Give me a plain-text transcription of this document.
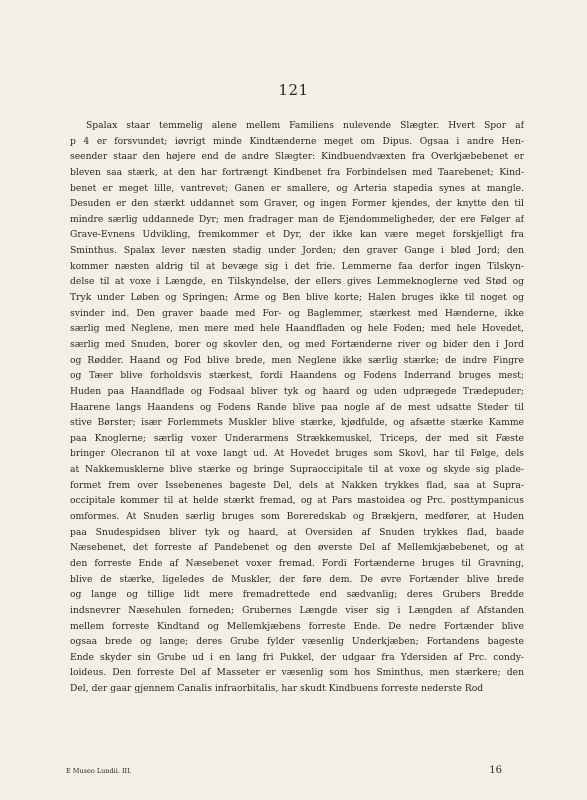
121
Spalax staar temmelig alene mellem Familiens nulevende Slægter. Hvert Spor af
p 4 er forsvundet; iøvrigt minde Kindtænderne meget om Dipus. Ogsaa i andre Hen-
seender staar den højere end de andre Slægter: Kindbuendvæxten fra Overkjæbebenet er
bleven saa stærk, at den har fortrængt Kindbenet fra Forbindelsen med Taarebenet; Kind-
benet er meget lille, vantrevet; Ganen er smallere, og Arteria stapedia synes at mangle.
Desuden er den stærkt uddannet som Graver, og ingen Former kjendes, der knytte den til
mindre særlig uddannede Dyr; men fradrager man de Ejendommeligheder, der ere Følger af
Grave-Evnens Udvikling, fremkommer et Dyr, der ikke kan være meget forskjelligt fra
Sminthus. Spalax lever næsten stadig under Jorden; den graver Gange i blød Jord; den
kommer næsten aldrig til at bevæge sig i det frie. Lemmerne faa derfor ingen Tilskyn-
delse til at voxe i Længde, en Tilskyndelse, der ellers gives Lemmeknoglerne ved Stød og
Tryk under Løben og Springen; Arme og Ben blive korte; Halen bruges ikke til noget og
svinder ind. Den graver baade med For- og Baglemmer, stærkest med Hænderne, ikke
særlig med Neglene, men mere med hele Haandfladen og hele Foden; med hele Hovedet,
særlig med Snuden, borer og skovler den, og med Fortænderne river og bider den i Jord
og Rødder. Haand og Fod blive brede, men Neglene ikke særlig stærke; de indre Fingre
og Tæer blive forholdsvis stærkest, fordi Haandens og Fodens Inderrand bruges mest;
Huden paa Haandflade og Fodsaal bliver tyk og haard og uden udprægede Trædepuder;
Haarene langs Haandens og Fodens Rande blive paa nogle af de mest udsatte Steder til
stive Børster; især Forlemmets Muskler blive stærke, kjødfulde, og afsætte stærke Kamme
paa Knoglerne; særlig voxer Underarmens Strækkemuskel, Triceps, der med sit Fæste
bringer Olecranon til at voxe langt ud. At Hovedet bruges som Skovl, har til Følge, dels
at Nakkemusklerne blive stærke og bringe Supraoccipitale til at voxe og skyde sig plade-
formet frem over Issebenenes bageste Del, dels at Nakken trykkes flad, saa at Supra-
occipitale kommer til at helde stærkt fremad, og at Pars mastoidea og Prc. posttympanicus
omformes. At Snuden særlig bruges som Boreredskab og Brækjern, medfører, at Huden
paa Snudespidsen bliver tyk og haard, at Oversiden af Snuden trykkes flad, baade
Næsebenet, det forreste af Pandebenet og den øverste Del af Mellemkjæbebenet, og at
den forreste Ende af Næsebenet voxer fremad. Fordi Fortænderne bruges til Gravning,
blive de stærke, ligeledes de Muskler, der føre dem. De øvre Fortænder blive brede
og lange og tillige lidt mere fremadrettede end sædvanlig; deres Grubers Bredde
indsnevrer Næsehulen forneden; Grubernes Længde viser sig i Længden af Afstanden
mellem forreste Kindtand og Mellemkjæbens forreste Ende. De nedre Fortænder blive
ogsaa brede og lange; deres Grube fylder væsenlig Underkjæben; Fortandens bageste
Ende skyder sin Grube ud i en lang fri Pukkel, der udgaar fra Ydersiden af Prc. condy-
loideus. Den forreste Del af Masseter er væsenlig som hos Sminthus, men stærkere; den
Del, der gaar gjennem Canalis infraorbitalis, har skudt Kindbuens forreste nederste Rod
E Museo Lundii. III.	16
